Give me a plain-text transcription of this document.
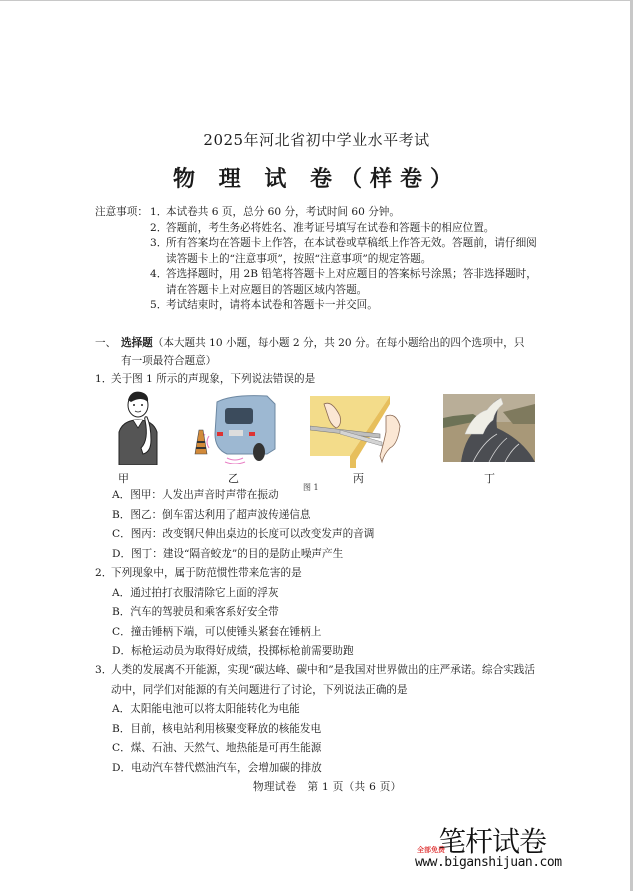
2025年河北省初中学业水平考试
物 理 试 卷（样卷）
注意事项： 1．
本试卷共 6 页，总分 60 分，考试时间 60 分钟。
2．
答题前，考生务必将姓名、准考证号填写在试卷和答题卡的相应位置。
3．
所有答案均在答题卡上作答，在本试卷或草稿纸上作答无效。答题前，请仔细阅读答题卡上的“注意事项”，按照“注意事项”的规定答题。
4．
答选择题时，用 2B 铅笔将答题卡上对应题目的答案标号涂黑；答非选择题时，请在答题卡上对应题目的答题区域内答题。
5．
考试结束时，请将本试卷和答题卡一并交回。
一、 选择题（本大题共 10 小题，每小题 2 分，共 20 分。在每小题给出的四个选项中，只
有一项最符合题意）
1．
关于图 1 所示的声现象，下列说法错误的是
甲	乙	丙	丁
图 1
A．图甲：人发出声音时声带在振动
B．图乙：倒车雷达利用了超声波传递信息
C．图丙：改变钢尺伸出桌边的长度可以改变发声的音调
D．图丁：建设“隔音蛟龙”的目的是防止噪声产生
2．
下列现象中，属于防范惯性带来危害的是
A．通过拍打衣服清除它上面的浮灰
B．汽车的驾驶员和乘客系好安全带
C．撞击锤柄下端，可以使锤头紧套在锤柄上
D．标枪运动员为取得好成绩，投掷标枪前需要助跑
3．
人类的发展离不开能源，实现“碳达峰、碳中和”是我国对世界做出的庄严承诺。综合实践活动中，同学们对能源的有关问题进行了讨论，下列说法正确的是
A．太阳能电池可以将太阳能转化为电能
B．目前，核电站利用核聚变释放的核能发电
C．煤、石油、天然气、地热能是可再生能源
D．电动汽车替代燃油汽车，会增加碳的排放
物理试卷　第 1 页（共 6 页）
全部免费
笔杆试卷
www.biganshijuan.com
